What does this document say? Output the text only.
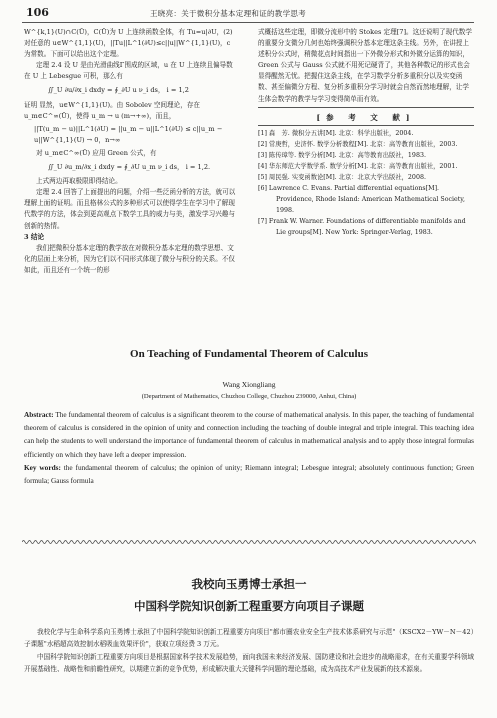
106	王晓亮：关于微积分基本定理和证的教学思考

W^{k,1}(U)∩C(Ū)，C(Ū)为 U 上连续函数全体，有 Tu=u|∂U，(2) 对任意的 u∈W^{1,1}(U)，||Tu||L^1(∂U)≤c||u||W^{1,1}(U)，c 为常数。下面可以给出这个定理。

定理 2.4 设 U 是由光滑曲线Γ围成的区域，u 在 U 上连续且偏导数在 U 上 Lebesgue 可积，那么有

∬_U ∂u/∂x_i dxdy = ∮_∂U u ν_i ds， i = 1,2

证明 显然，u∈W^{1,1}(U)。由 Sobolev 空间理论，存在 u_m∈C^∞(Ū)，使得 u_m → u (m→+∞)，而且，

||T(u_m − u)||L^1(∂U) = ||u_m − u||L^1(∂U) ≤ c||u_m − u||W^{1,1}(U) → 0，n→∞

对 u_m∈C^∞(Ū) 应用 Green 公式，有

∬_U ∂u_m/∂x_i dxdy = ∮_∂U u_m ν_i ds， i = 1,2.

上式两边再取极限即得结论。

定理 2.4 回答了上面提出的问题，介绍一些泛函分析的方法，就可以理解上面的证明。而且格林公式的多种形式可以使得学生在学习中了解现代数学的方法，体会到更高观点下数学工具的威力与美，激发学习兴趣与创新的热情。

3 结论

我们把微积分基本定理的教学放在对微积分基本定理的数学思想、文化的层面上来分析，因为它们以不同形式体现了微分与积分的关系。不仅如此，而且还有一个统一的形

式概括这些定理，即微分流形中的 Stokes 定理[7]。这还说明了现代数学的重要分支微分几何也始终强调积分基本定理这条主线。另外，在讲授上述积分公式时，稍微花点时间指出一下外微分形式和外微分运算的知识，Green 公式与 Gauss 公式就不用死记硬背了，其他各种数记的形式也会显得醒然无忧。把握住这条主线，在学习数学分析多重积分以及实变函数、甚至偏微分方程、复分析多重积分学习时就会自然而然地理解，让学生体会数学的教学与学习变得简单而有效。

[参 考 文 献]
[1] 森　芳. 微积分五讲[M]. 北京：科学出版社，2004.
[2] 常庚哲，史济怀. 数学分析教程[M]. 北京：高等教育出版社，2003.
[3] 陈传璋等. 数学分析[M]. 北京：高等教育出版社，1983.
[4] 华东师范大学数学系. 数学分析[M]. 北京：高等教育出版社，2001.
[5] 周民强. 实变函数论[M]. 北京：北京大学出版社，2008.
[6] Lawrence C. Evans. Partial differential equations[M]. Providence, Rhode Island: American Mathematical Society, 1998.
[7] Frank W. Warner. Foundations of differentiable manifolds and Lie groups[M]. New York: Springer-Verlag, 1983.
On Teaching of Fundamental Theorem of Calculus
Wang Xiongliang
(Department of Mathematics, Chuzhou College, Chuzhou 239000, Anhui, China)
Abstract: The fundamental theorem of calculus is a significant theorem to the course of mathematical analysis. In this paper, the teaching of fundamental theorem of calculus is considered in the opinion of unity and connection including the teaching of double integral and triple integral. This teaching idea can help the students to well understand the importance of fundamental theorem of calculus in mathematical analysis and to apply those integral formulas efficiently on which they have left a deeper impression.
Key words: the fundamental theorem of calculus; the opinion of unity; Riemann integral; Lebesgue integral; absolutely continuous function; Green formula; Gauss formula
我校向玉勇博士承担一
中国科学院知识创新工程重要方向项目子课题

我校化学与生命科学系向玉勇博士承担了中国科学院知识创新工程重要方向项目"都市圈农业安全生产技术体系研究与示范"（KSCX2－YW－N－42）子课题"水稻超高效控制水稻吸血效果评价"，获取立项经费 3 万元。

中国科学院知识创新工程重要方向项目是根据国家科学技术发展趋势，面向我国未来经济发展、国防建设和社会进步的战略需求，在有关重要学科领域开展基础性、战略性和前瞻性研究，以期建立新的竞争优势，形成解决重大关键科学问题的理论基础，成为高技术产业发展新的技术源泉。
